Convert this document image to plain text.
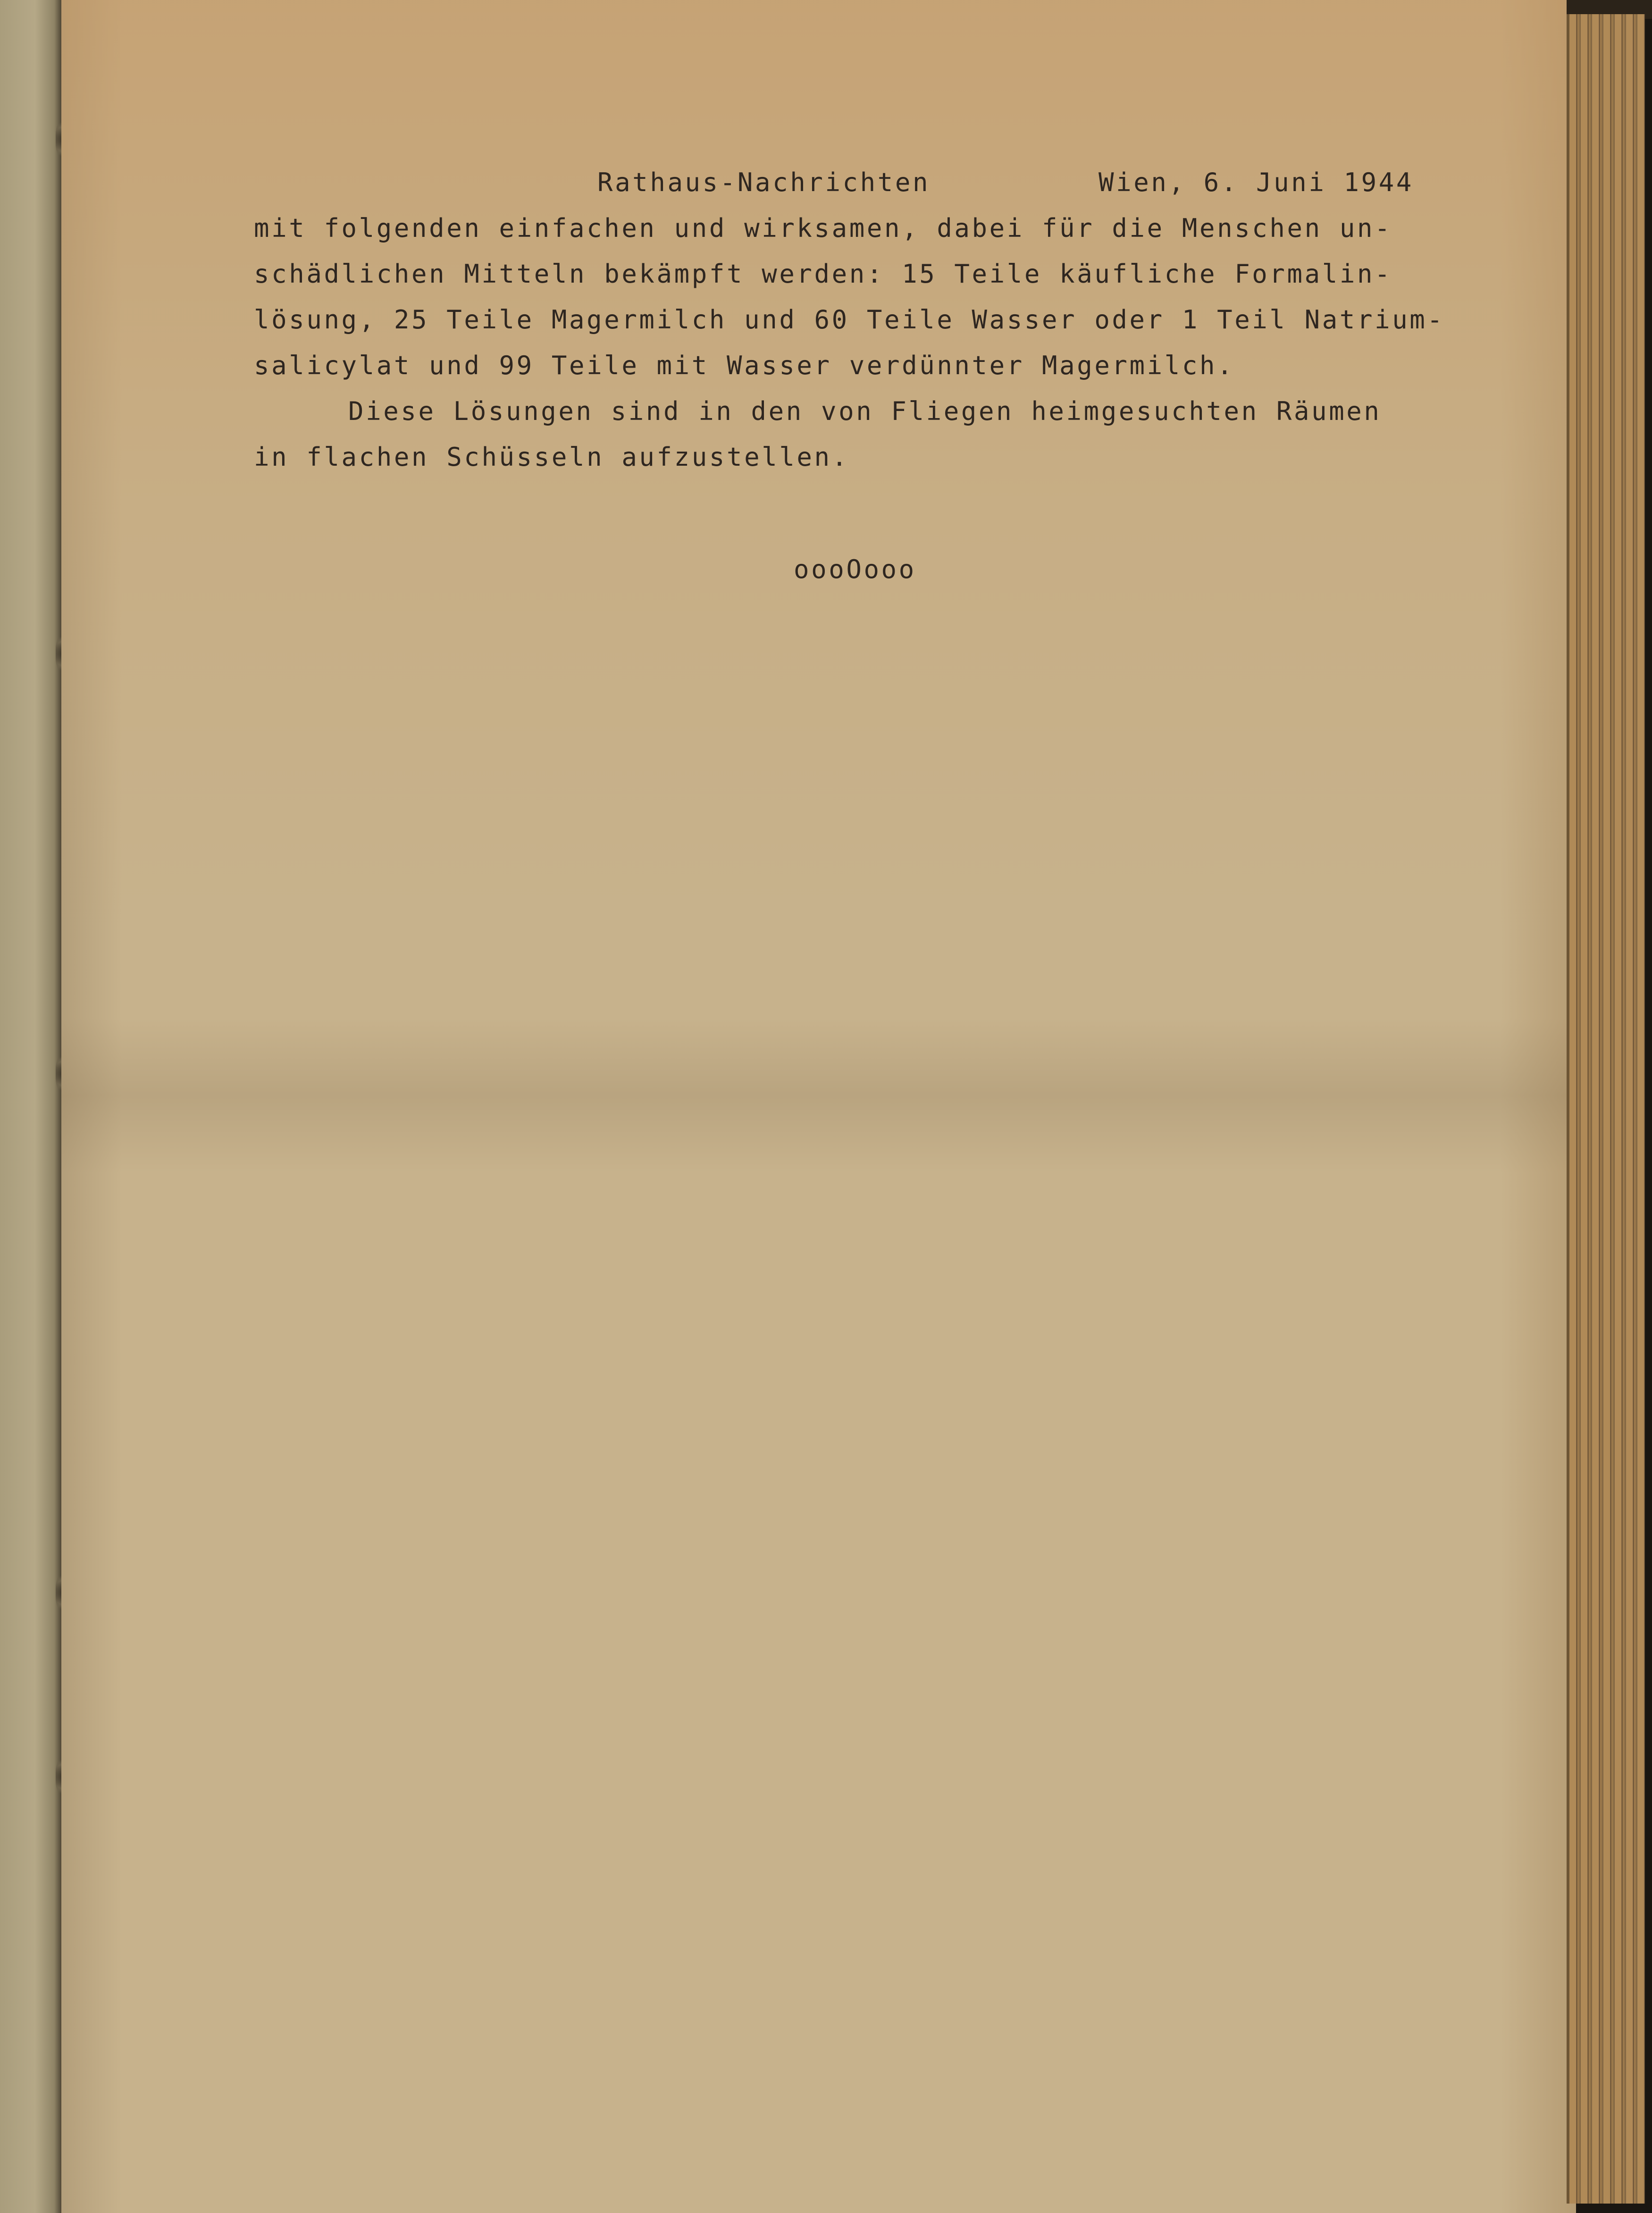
Rathaus-Nachrichten	Wien, 6. Juni 1944
mit folgenden einfachen und wirksamen, dabei für die Menschen un-
schädlichen Mitteln bekämpft werden: 15 Teile käufliche Formalin-
lösung, 25 Teile Magermilch und 60 Teile Wasser oder 1 Teil Natrium-
salicylat und 99 Teile mit Wasser verdünnter Magermilch.
Diese Lösungen sind in den von Fliegen heimgesuchten Räumen
in flachen Schüsseln aufzustellen.
oooOooo
